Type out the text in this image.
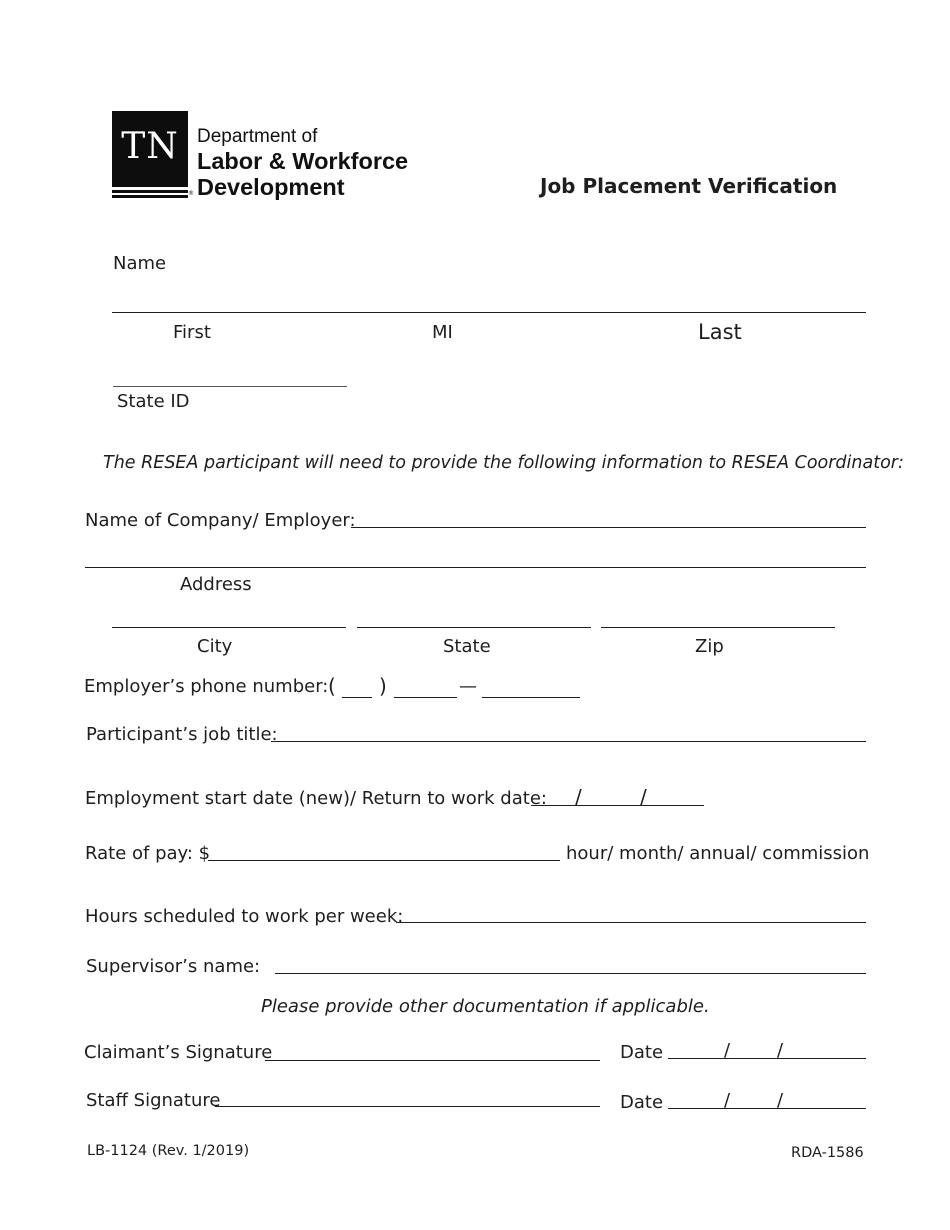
TN
®
Department of
Labor & Workforce
Development	Job Placement Verification
Name
First	MI	Last
State ID
The RESEA participant will need to provide the following information to RESEA Coordinator:
Name of Company/ Employer:
Address
City	State	Zip
Employer’s phone number: ( )	—
Participant’s job title:
Employment start date (new)/ Return to work date: /	/
Rate of pay: $	hour/ month/ annual/ commission
Hours scheduled to work per week:
Supervisor’s name:
Please provide other documentation if applicable.
Claimant’s Signature	Date	/	/
Staff Signature	Date	/	/
LB-1124 (Rev. 1/2019)	RDA-1586
